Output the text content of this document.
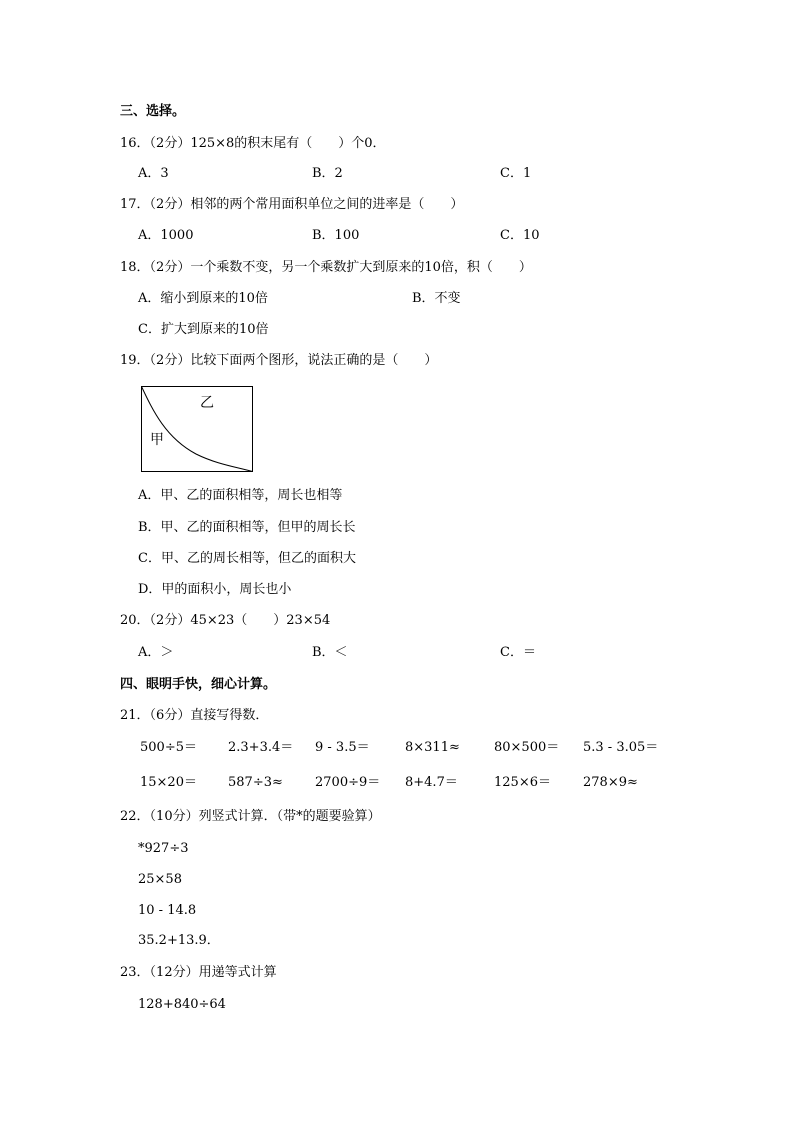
三、选择。
16．（2分）125×8的积末尾有（　　）个0．
A．3	B．2	C．1
17．（2分）相邻的两个常用面积单位之间的进率是（　　）
A．1000	B．100	C．10
18．（2分）一个乘数不变，另一个乘数扩大到原来的10倍，积（　　）
A．缩小到原来的10倍	B．不变
C．扩大到原来的10倍
19．（2分）比较下面两个图形，说法正确的是（　　）
乙
甲
A．甲、乙的面积相等，周长也相等
B．甲、乙的面积相等，但甲的周长长
C．甲、乙的周长相等，但乙的面积大
D．甲的面积小，周长也小
20．（2分）45×23（　　）23×54
A．＞	B．＜	C．＝
四、眼明手快，细心计算。
21．（6分）直接写得数．
500÷5＝ 2.3+3.4＝ 9 - 3.5＝	8×311≈	80×500＝ 5.3 - 3.05＝
15×20＝ 587÷3≈ 2700÷9＝ 8+4.7＝	125×6＝ 278×9≈
22．（10分）列竖式计算．（带*的题要验算）
*927÷3
25×58
10 - 14.8
35.2+13.9．
23．（12分）用递等式计算
128+840÷64
